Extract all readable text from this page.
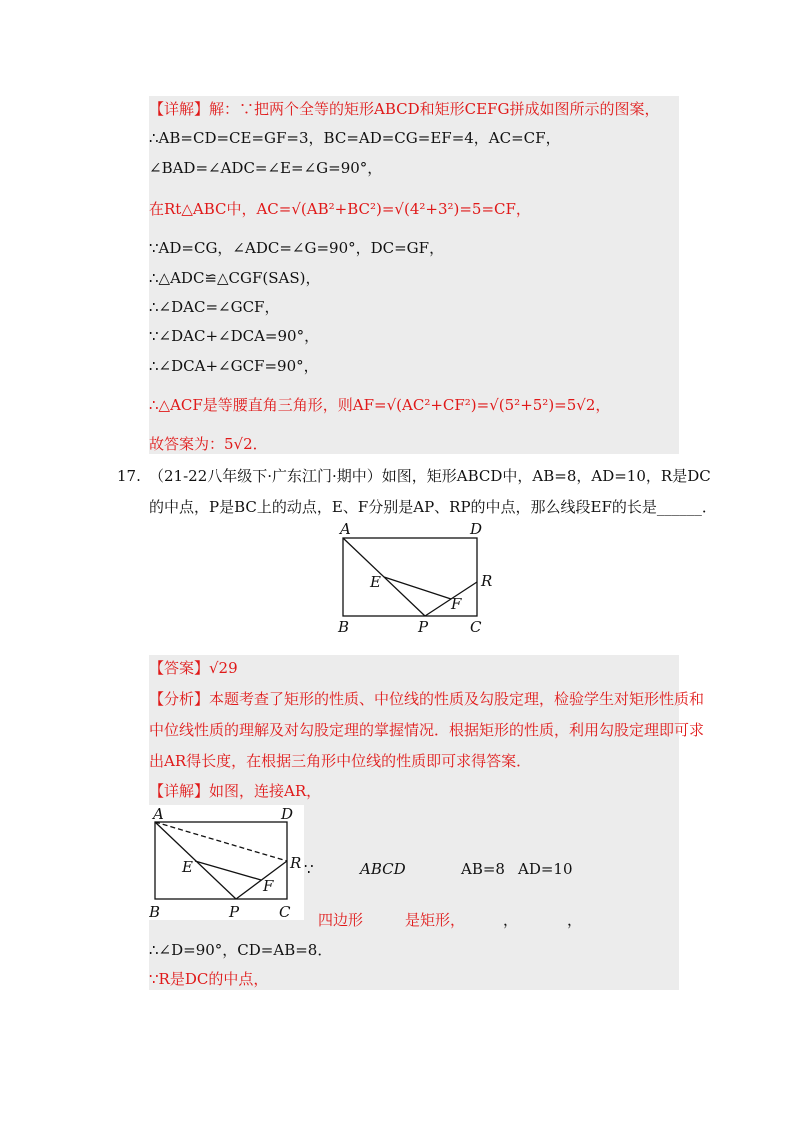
【详解】解：∵把两个全等的矩形ABCD和矩形CEFG拼成如图所示的图案，
∴AB=CD=CE=GF=3，BC=AD=CG=EF=4，AC=CF，
∠BAD=∠ADC=∠E=∠G=90°，
在Rt△ABC中，AC=√(AB²+BC²)=√(4²+3²)=5=CF，
∵AD=CG，∠ADC=∠G=90°，DC=GF，
∴△ADC≌△CGF(SAS)，
∴∠DAC=∠GCF，
∵∠DAC+∠DCA=90°，
∴∠DCA+∠GCF=90°，
∴△ACF是等腰直角三角形，则AF=√(AC²+CF²)=√(5²+5²)=5√2，
故答案为：5√2．
17. （21-22八年级下·广东江门·期中）如图，矩形ABCD中，AB=8，AD=10，R是DC
的中点，P是BC上的动点，E、F分别是AP、RP的中点，那么线段EF的长是______．
A	D
E	R
F
B	P	C
【答案】√29
【分析】本题考查了矩形的性质、中位线的性质及勾股定理，检验学生对矩形性质和
中位线性质的理解及对勾股定理的掌握情况．根据矩形的性质，利用勾股定理即可求
出AR得长度，在根据三角形中位线的性质即可求得答案．
【详解】如图，连接AR，
A	D
E	R
F
B	P	C
∵	ABCD	AB=8 AD=10
四边形	是矩形，	，	，
∴∠D=90°，CD=AB=8．
∵R是DC的中点，
